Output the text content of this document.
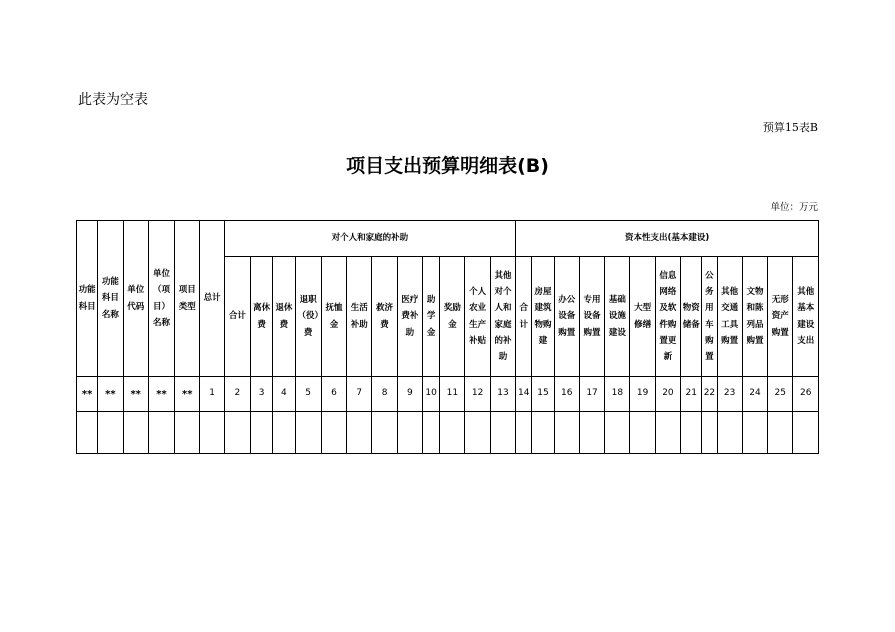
此表为空表
预算15表B
项目支出预算明细表(B)
单位：万元
功能科目	功能科目名称	单位代码	单位（项目）名称	项目类型	总计	对个人和家庭的补助												资本性支出(基本建设)												
						合计	离休费	退休费	退职（役）费	抚恤金	生活补助	救济费	医疗费补助	助学金	奖励金	个人农业生产补贴	其他对个人和家庭的补助	合计	房屋建筑物购建	办公设备购置	专用设备购置	基础设施建设	大型修缮	信息网络及软件购置更新	物资储备	公务用车购置	其他交通工具购置	文物和陈列品购置	无形资产购置	其他基本建设支出
**	**	**	**	**	1	2	3	4	5	6	7	8	9	10	11	12	13	14	15	16	17	18	19	20	21	22	23	24	25	26
